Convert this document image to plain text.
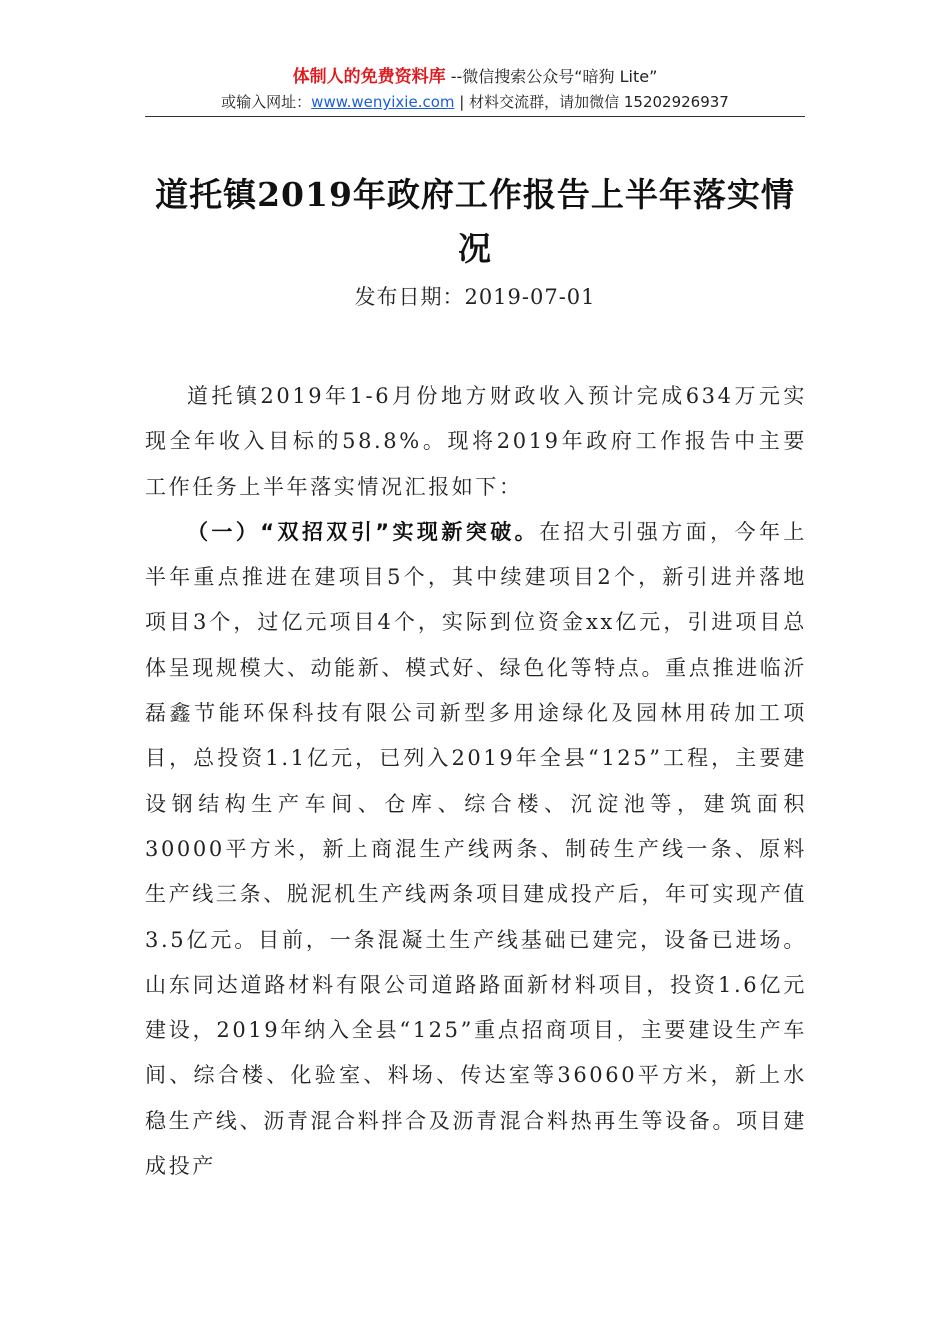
体制人的免费资料库 --微信搜索公众号“暗狗 Lite”
或输入网址：www.wenyixie.com | 材料交流群，请加微信 15202926937
道托镇2019年政府工作报告上半年落实情况
发布日期：2019-07-01

道托镇2019年1-6月份地方财政收入预计完成634万元实现全年收入目标的58.8%。现将2019年政府工作报告中主要工作任务上半年落实情况汇报如下：

（一）“双招双引”实现新突破。在招大引强方面，今年上半年重点推进在建项目5个，其中续建项目2个，新引进并落地项目3个，过亿元项目4个，实际到位资金xx亿元，引进项目总体呈现规模大、动能新、模式好、绿色化等特点。重点推进临沂磊鑫节能环保科技有限公司新型多用途绿化及园林用砖加工项目，总投资1.1亿元，已列入2019年全县“125”工程，主要建设钢结构生产车间、仓库、综合楼、沉淀池等，建筑面积30000平方米，新上商混生产线两条、制砖生产线一条、原料生产线三条、脱泥机生产线两条项目建成投产后，年可实现产值3.5亿元。目前，一条混凝土生产线基础已建完，设备已进场。山东同达道路材料有限公司道路路面新材料项目，投资1.6亿元建设，2019年纳入全县“125”重点招商项目，主要建设生产车间、综合楼、化验室、料场、传达室等36060平方米，新上水稳生产线、沥青混合料拌合及沥青混合料热再生等设备。项目建成投产
